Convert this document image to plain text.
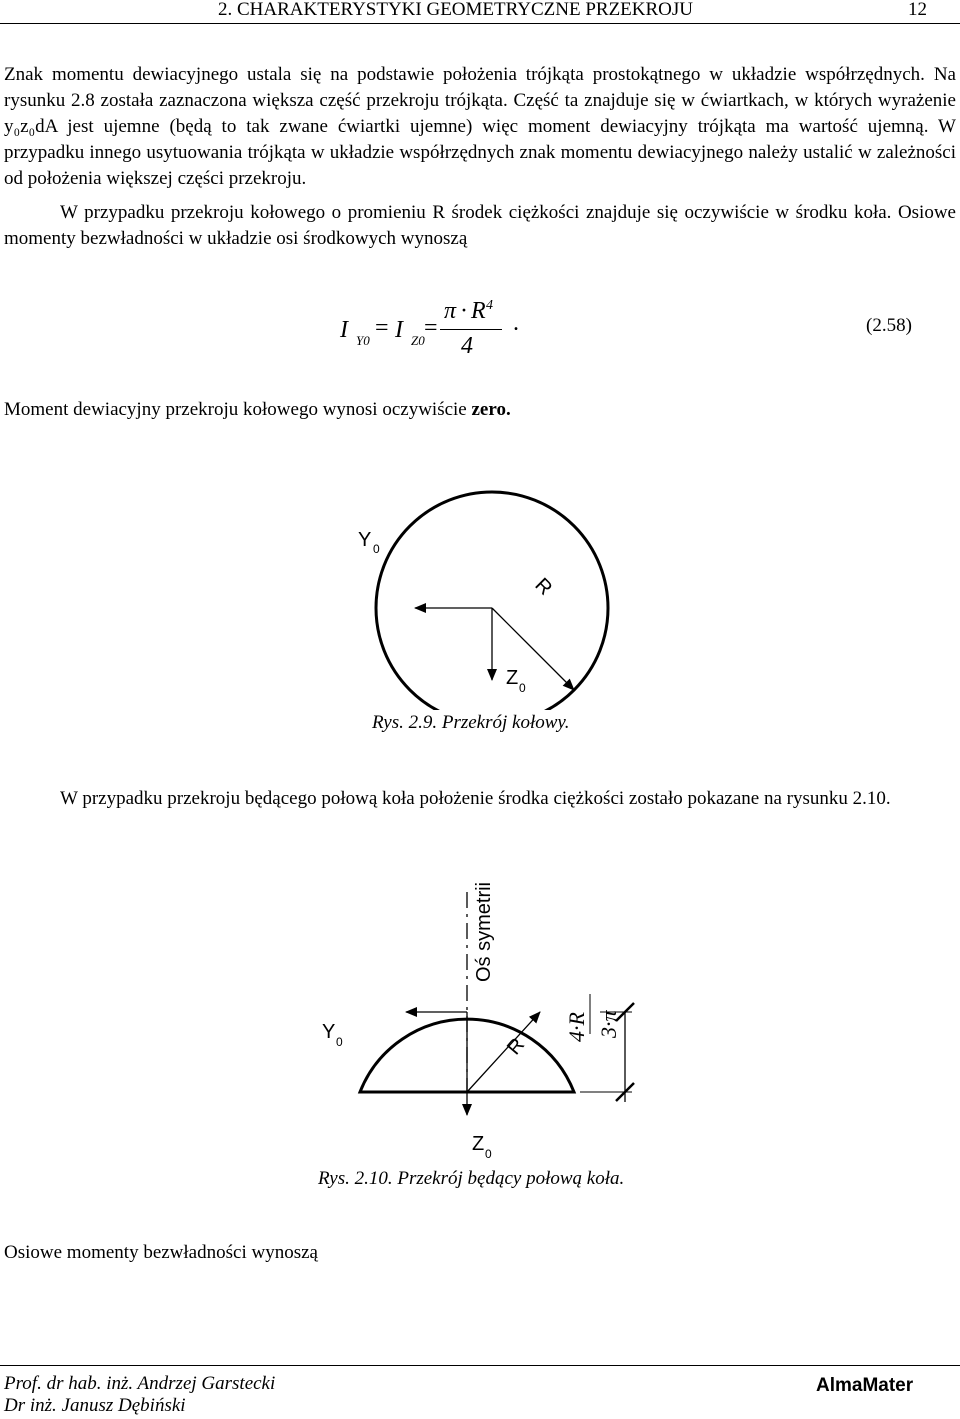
2. CHARAKTERYSTYKI GEOMETRYCZNE PRZEKROJU	12
Znak momentu dewiacyjnego ustala się na podstawie położenia trójkąta prostokątnego w układzie współrzędnych. Na rysunku 2.8 została zaznaczona większa część przekroju trójkąta. Część ta znajduje się w ćwiartkach, w których wyrażenie y₀z₀dA jest ujemne (będą to tak zwane ćwiartki ujemne) więc moment dewiacyjny trójkąta ma wartość ujemną. W przypadku innego usytuowania trójkąta w układzie współrzędnych znak momentu dewiacyjnego należy ustalić w zależności od położenia większej części przekroju.
W przypadku przekroju kołowego o promieniu R środek ciężkości znajduje się oczywiście w środku koła. Osiowe momenty bezwładności w układzie osi środkowych wynoszą
I Y0 = I Z0 =
π · R 4
4
.	(2.58)
Moment dewiacyjny przekroju kołowego wynosi oczywiście zero.
Y 0
Z 0
R
Rys. 2.9. Przekrój kołowy.
W przypadku przekroju będącego połową koła położenie środka ciężkości zostało pokazane na rysunku 2.10.
Oś symetrii
Y 0
Z 0
R
4·R 3·π
Rys. 2.10. Przekrój będący połową koła.
Osiowe momenty bezwładności wynoszą
Prof. dr hab. inż. Andrzej Garstecki
Dr inż. Janusz Dębiński
AlmaMater
